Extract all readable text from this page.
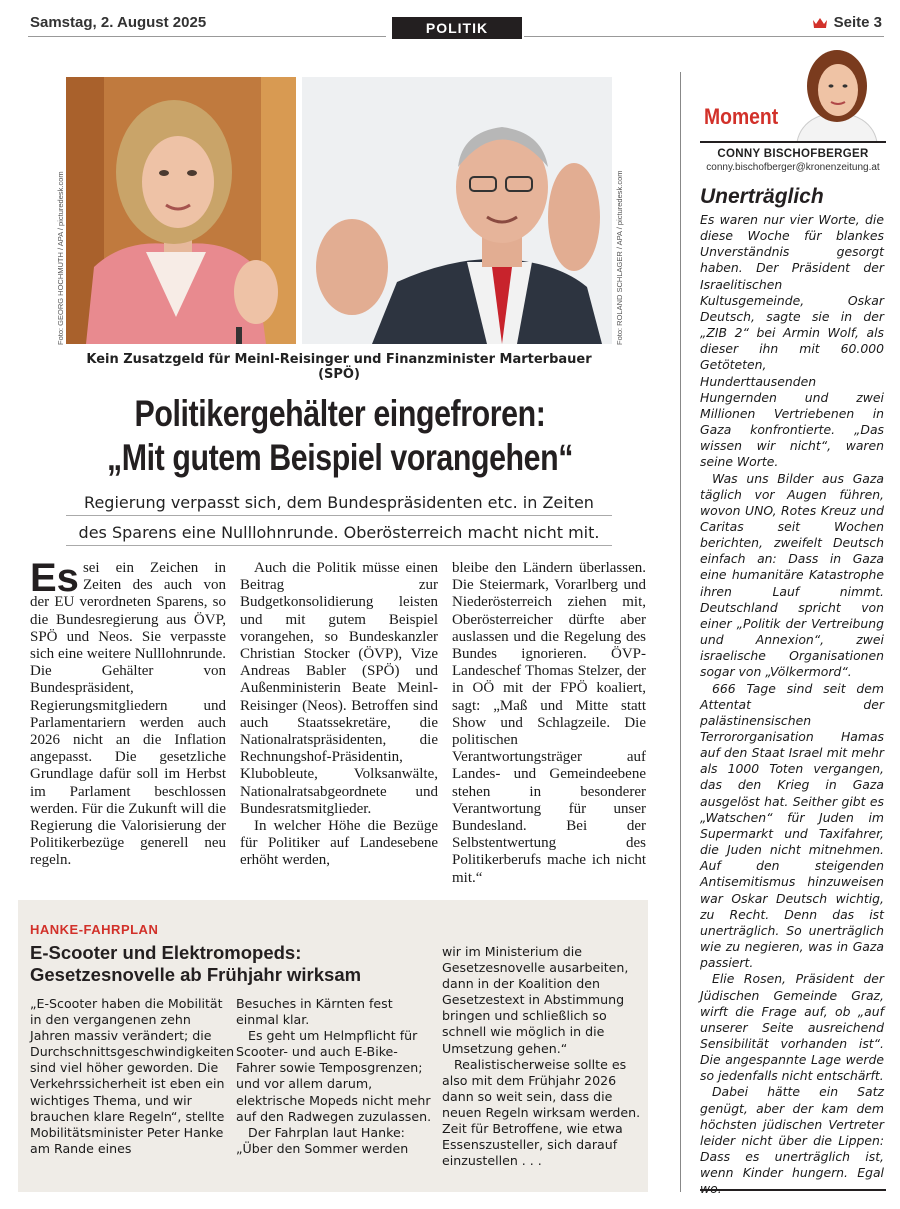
Samstag, 2. August 2025	POLITIK	Seite 3
Foto: GEORG HOCHMUTH / APA / picturedesk.com	Foto: ROLAND SCHLAGER / APA / picturedesk.com
Kein Zusatzgeld für Meinl-Reisinger und Finanzminister Marterbauer (SPÖ)
Politikergehälter eingefroren:
„Mit gutem Beispiel vorangehen“
Regierung verpasst sich, dem Bundespräsidenten etc. in Zeiten
des Sparens eine Nulllohnrunde. Oberösterreich macht nicht mit.

Es sei ein Zeichen in Zeiten des auch von der EU verordneten Sparens, so die Bundesregierung aus ÖVP, SPÖ und Neos. Sie verpasste sich eine weitere Nulllohnrunde. Die Gehälter von Bundespräsident, Regierungsmitgliedern und Parlamentariern werden auch 2026 nicht an die Inflation angepasst. Die gesetzliche Grundlage dafür soll im Herbst im Parlament beschlossen werden. Für die Zukunft will die Regierung die Valorisierung der Politikerbezüge generell neu regeln.

Auch die Politik müsse einen Beitrag zur Budgetkonsolidierung leisten und mit gutem Beispiel vorangehen, so Bundeskanzler Christian Stocker (ÖVP), Vize Andreas Babler (SPÖ) und Außenministerin Beate Meinl-Reisinger (Neos). Betroffen sind auch Staatssekretäre, die Nationalratspräsidenten, die Rechnungshof-Präsidentin, Klubobleute, Volksanwälte, Nationalratsabgeordnete und Bundesratsmitglieder.

In welcher Höhe die Bezüge für Politiker auf Landesebene erhöht werden,

bleibe den Ländern überlassen. Die Steiermark, Vorarlberg und Niederösterreich ziehen mit, Oberösterreicher dürfte aber auslassen und die Regelung des Bundes ignorieren. ÖVP-Landeschef Thomas Stelzer, der in OÖ mit der FPÖ koaliert, sagt: „Maß und Mitte statt Show und Schlagzeile. Die politischen Verantwortungsträger auf Landes- und Gemeindeebene stehen in besonderer Verantwortung für unser Bundesland. Bei der Selbstentwertung des Politikerberufs mache ich nicht mit.“

HANKE-FAHRPLAN
E-Scooter und Elektromopeds: Gesetzesnovelle ab Frühjahr wirksam

„E-Scooter haben die Mobilität in den vergangenen zehn Jahren massiv verändert; die Durchschnittsgeschwindigkeiten sind viel höher geworden. Die Verkehrssicherheit ist eben ein wichtiges Thema, und wir brauchen klare Regeln“, stellte Mobilitätsminister Peter Hanke am Rande eines

Besuches in Kärnten fest einmal klar.

Es geht um Helmpflicht für Scooter- und auch E-Bike-Fahrer sowie Temposgrenzen; und vor allem darum, elektrische Mopeds nicht mehr auf den Radwegen zuzulassen.

Der Fahrplan laut Hanke: „Über den Sommer werden

wir im Ministerium die Gesetzesnovelle ausarbeiten, dann in der Koalition den Gesetzestext in Abstimmung bringen und schließlich so schnell wie möglich in die Umsetzung gehen.“

Realistischerweise sollte es also mit dem Frühjahr 2026 dann so weit sein, dass die neuen Regeln wirksam werden. Zeit für Betroffene, wie etwa Essenszusteller, sich darauf einzustellen . . .

Moment
CONNY BISCHOFBERGER
conny.bischofberger@kronenzeitung.at
Unerträglich

Es waren nur vier Worte, die diese Woche für blankes Unverständnis gesorgt haben. Der Präsident der Israelitischen Kultusgemeinde, Oskar Deutsch, sagte sie in der „ZIB 2“ bei Armin Wolf, als dieser ihn mit 60.000 Getöteten, Hunderttausenden Hungernden und zwei Millionen Vertriebenen in Gaza konfrontierte. „Das wissen wir nicht“, waren seine Worte.

Was uns Bilder aus Gaza täglich vor Augen führen, wovon UNO, Rotes Kreuz und Caritas seit Wochen berichten, zweifelt Deutsch einfach an: Dass in Gaza eine humanitäre Katastrophe ihren Lauf nimmt. Deutschland spricht von einer „Politik der Vertreibung und Annexion“, zwei israelische Organisationen sogar von „Völkermord“.

666 Tage sind seit dem Attentat der palästinensischen Terrororganisation Hamas auf den Staat Israel mit mehr als 1000 Toten vergangen, das den Krieg in Gaza ausgelöst hat. Seither gibt es „Watschen“ für Juden im Supermarkt und Taxifahrer, die Juden nicht mitnehmen. Auf den steigenden Antisemitismus hinzuweisen war Oskar Deutsch wichtig, zu Recht. Denn das ist unerträglich. So unerträglich wie zu negieren, was in Gaza passiert.

Elie Rosen, Präsident der Jüdischen Gemeinde Graz, wirft die Frage auf, ob „auf unserer Seite ausreichend Sensibilität vorhanden ist“. Die angespannte Lage werde so jedenfalls nicht entschärft.

Dabei hätte ein Satz genügt, aber der kam dem höchsten jüdischen Vertreter leider nicht über die Lippen: Dass es unerträglich ist, wenn Kinder hungern. Egal
